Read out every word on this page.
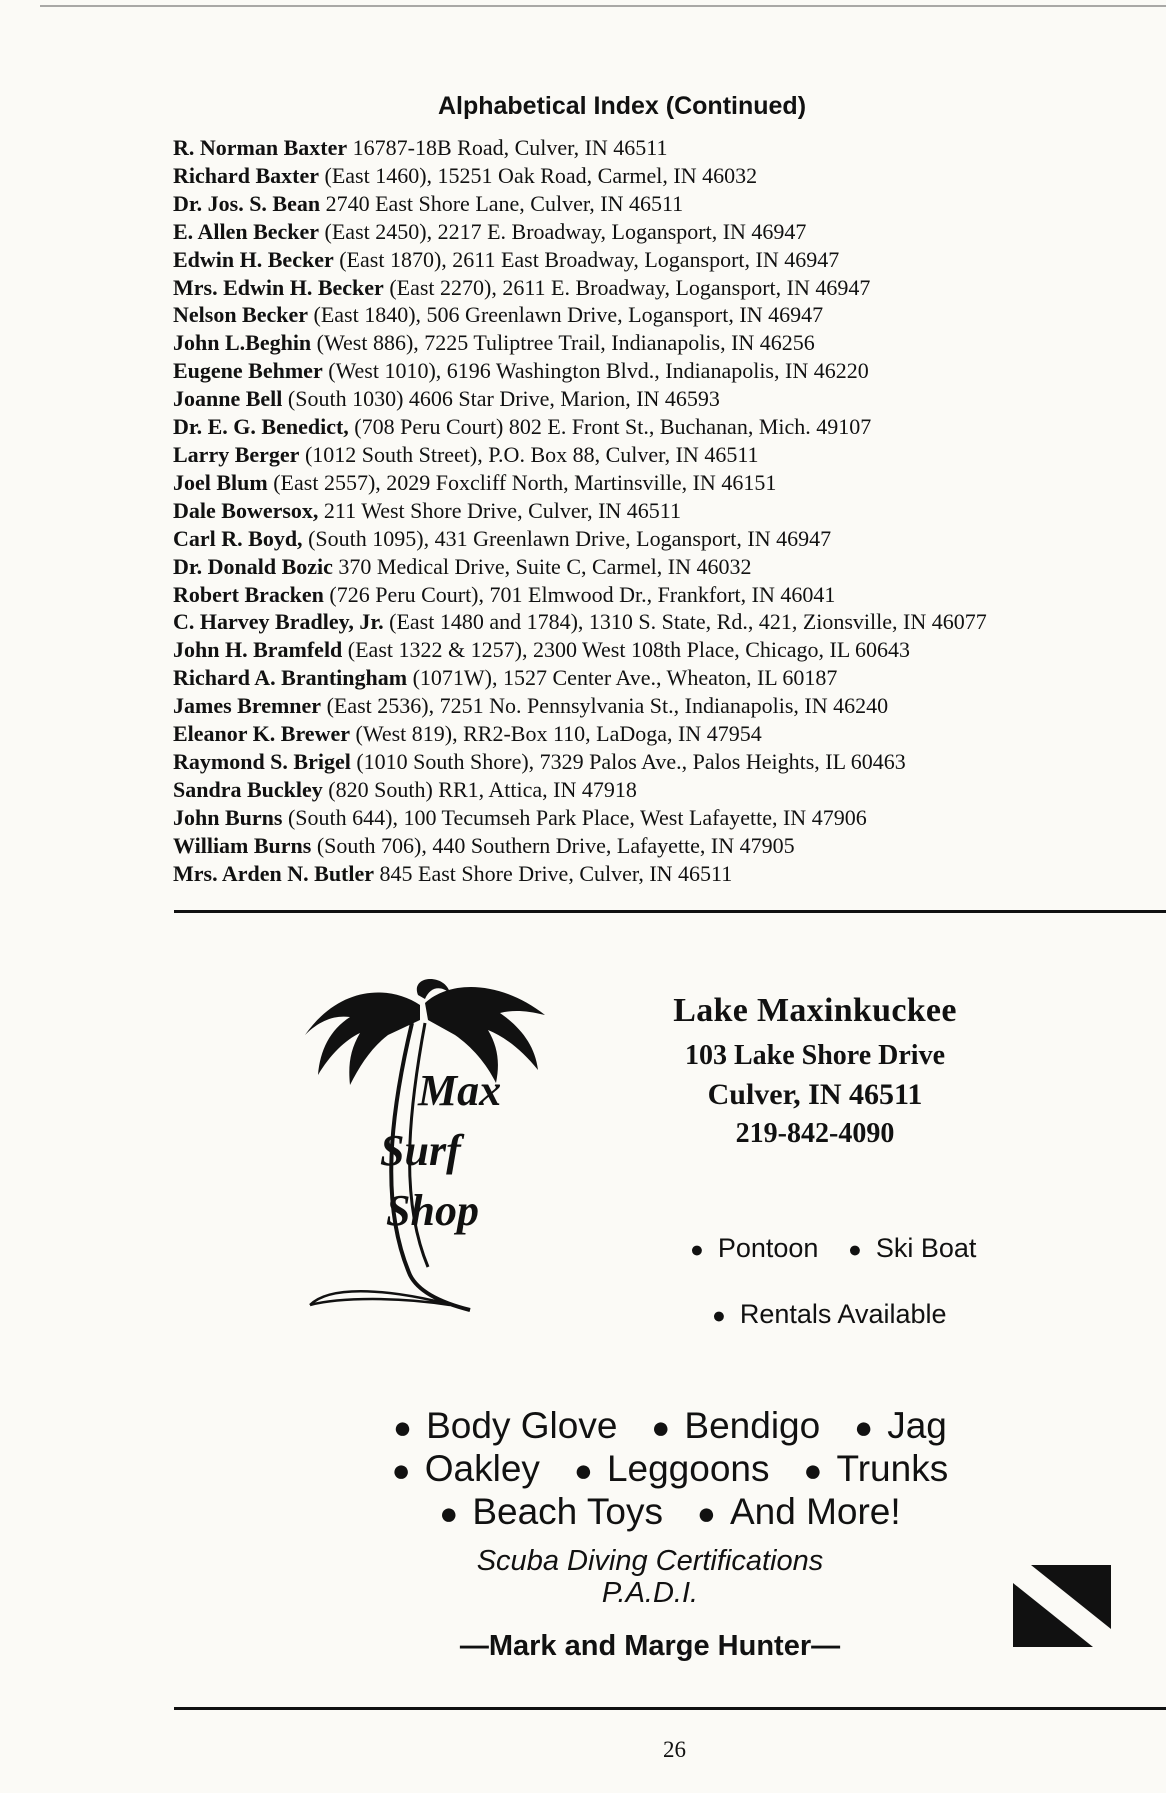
Alphabetical Index (Continued)
R. Norman Baxter 16787-18B Road, Culver, IN 46511
Richard Baxter (East 1460), 15251 Oak Road, Carmel, IN 46032
Dr. Jos. S. Bean 2740 East Shore Lane, Culver, IN 46511
E. Allen Becker (East 2450), 2217 E. Broadway, Logansport, IN 46947
Edwin H. Becker (East 1870), 2611 East Broadway, Logansport, IN 46947
Mrs. Edwin H. Becker (East 2270), 2611 E. Broadway, Logansport, IN 46947
Nelson Becker (East 1840), 506 Greenlawn Drive, Logansport, IN 46947
John L.Beghin (West 886), 7225 Tuliptree Trail, Indianapolis, IN 46256
Eugene Behmer (West 1010), 6196 Washington Blvd., Indianapolis, IN 46220
Joanne Bell (South 1030) 4606 Star Drive, Marion, IN 46593
Dr. E. G. Benedict, (708 Peru Court) 802 E. Front St., Buchanan, Mich. 49107
Larry Berger (1012 South Street), P.O. Box 88, Culver, IN 46511
Joel Blum (East 2557), 2029 Foxcliff North, Martinsville, IN 46151
Dale Bowersox, 211 West Shore Drive, Culver, IN 46511
Carl R. Boyd, (South 1095), 431 Greenlawn Drive, Logansport, IN 46947
Dr. Donald Bozic 370 Medical Drive, Suite C, Carmel, IN 46032
Robert Bracken (726 Peru Court), 701 Elmwood Dr., Frankfort, IN 46041
C. Harvey Bradley, Jr. (East 1480 and 1784), 1310 S. State, Rd., 421, Zionsville, IN 46077
John H. Bramfeld (East 1322 & 1257), 2300 West 108th Place, Chicago, IL 60643
Richard A. Brantingham (1071W), 1527 Center Ave., Wheaton, IL 60187
James Bremner (East 2536), 7251 No. Pennsylvania St., Indianapolis, IN 46240
Eleanor K. Brewer (West 819), RR2-Box 110, LaDoga, IN 47954
Raymond S. Brigel (1010 South Shore), 7329 Palos Ave., Palos Heights, IL 60463
Sandra Buckley (820 South) RR1, Attica, IN 47918
John Burns (South 644), 100 Tecumseh Park Place, West Lafayette, IN 47906
William Burns (South 706), 440 Southern Drive, Lafayette, IN 47905
Mrs. Arden N. Butler 845 East Shore Drive, Culver, IN 46511
Max
Surf
Shop
Lake Maxinkuckee
103 Lake Shore Drive
Culver, IN 46511
219-842-4090
● Pontoon ● Ski Boat
● Rentals Available
● Body Glove ● Bendigo ● Jag
● Oakley ● Leggoons ● Trunks
● Beach Toys ● And More!
Scuba Diving Certifications
P.A.D.I.
—Mark and Marge Hunter—
26
